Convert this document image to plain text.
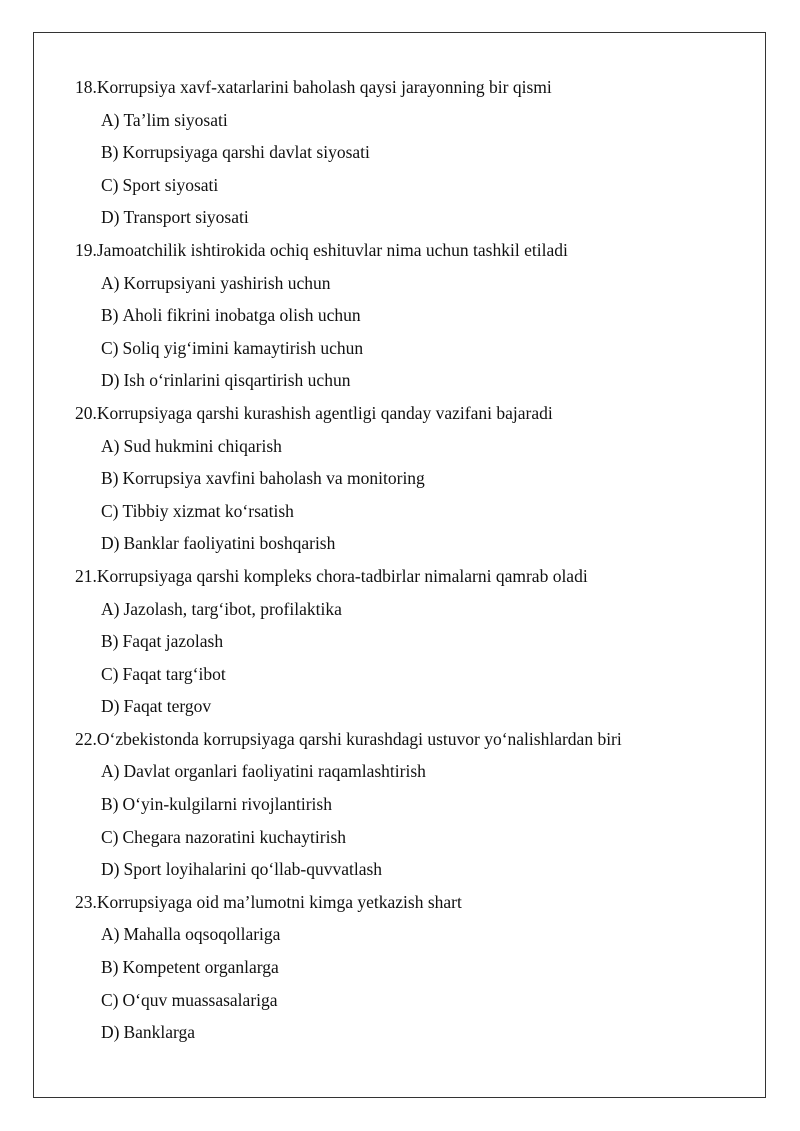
18.Korrupsiya xavf-xatarlarini baholash qaysi jarayonning bir qismi
A) Ta’lim siyosati
B) Korrupsiyaga qarshi davlat siyosati
C) Sport siyosati
D) Transport siyosati
19.Jamoatchilik ishtirokida ochiq eshituvlar nima uchun tashkil etiladi
A) Korrupsiyani yashirish uchun
B) Aholi fikrini inobatga olish uchun
C) Soliq yig‘imini kamaytirish uchun
D) Ish o‘rinlarini qisqartirish uchun
20.Korrupsiyaga qarshi kurashish agentligi qanday vazifani bajaradi
A) Sud hukmini chiqarish
B) Korrupsiya xavfini baholash va monitoring
C) Tibbiy xizmat ko‘rsatish
D) Banklar faoliyatini boshqarish
21.Korrupsiyaga qarshi kompleks chora-tadbirlar nimalarni qamrab oladi
A) Jazolash, targ‘ibot, profilaktika
B) Faqat jazolash
C) Faqat targ‘ibot
D) Faqat tergov
22.O‘zbekistonda korrupsiyaga qarshi kurashdagi ustuvor yo‘nalishlardan biri
A) Davlat organlari faoliyatini raqamlashtirish
B) O‘yin-kulgilarni rivojlantirish
C) Chegara nazoratini kuchaytirish
D) Sport loyihalarini qo‘llab-quvvatlash
23.Korrupsiyaga oid ma’lumotni kimga yetkazish shart
A) Mahalla oqsoqollariga
B) Kompetent organlarga
C) O‘quv muassasalariga
D) Banklarga
